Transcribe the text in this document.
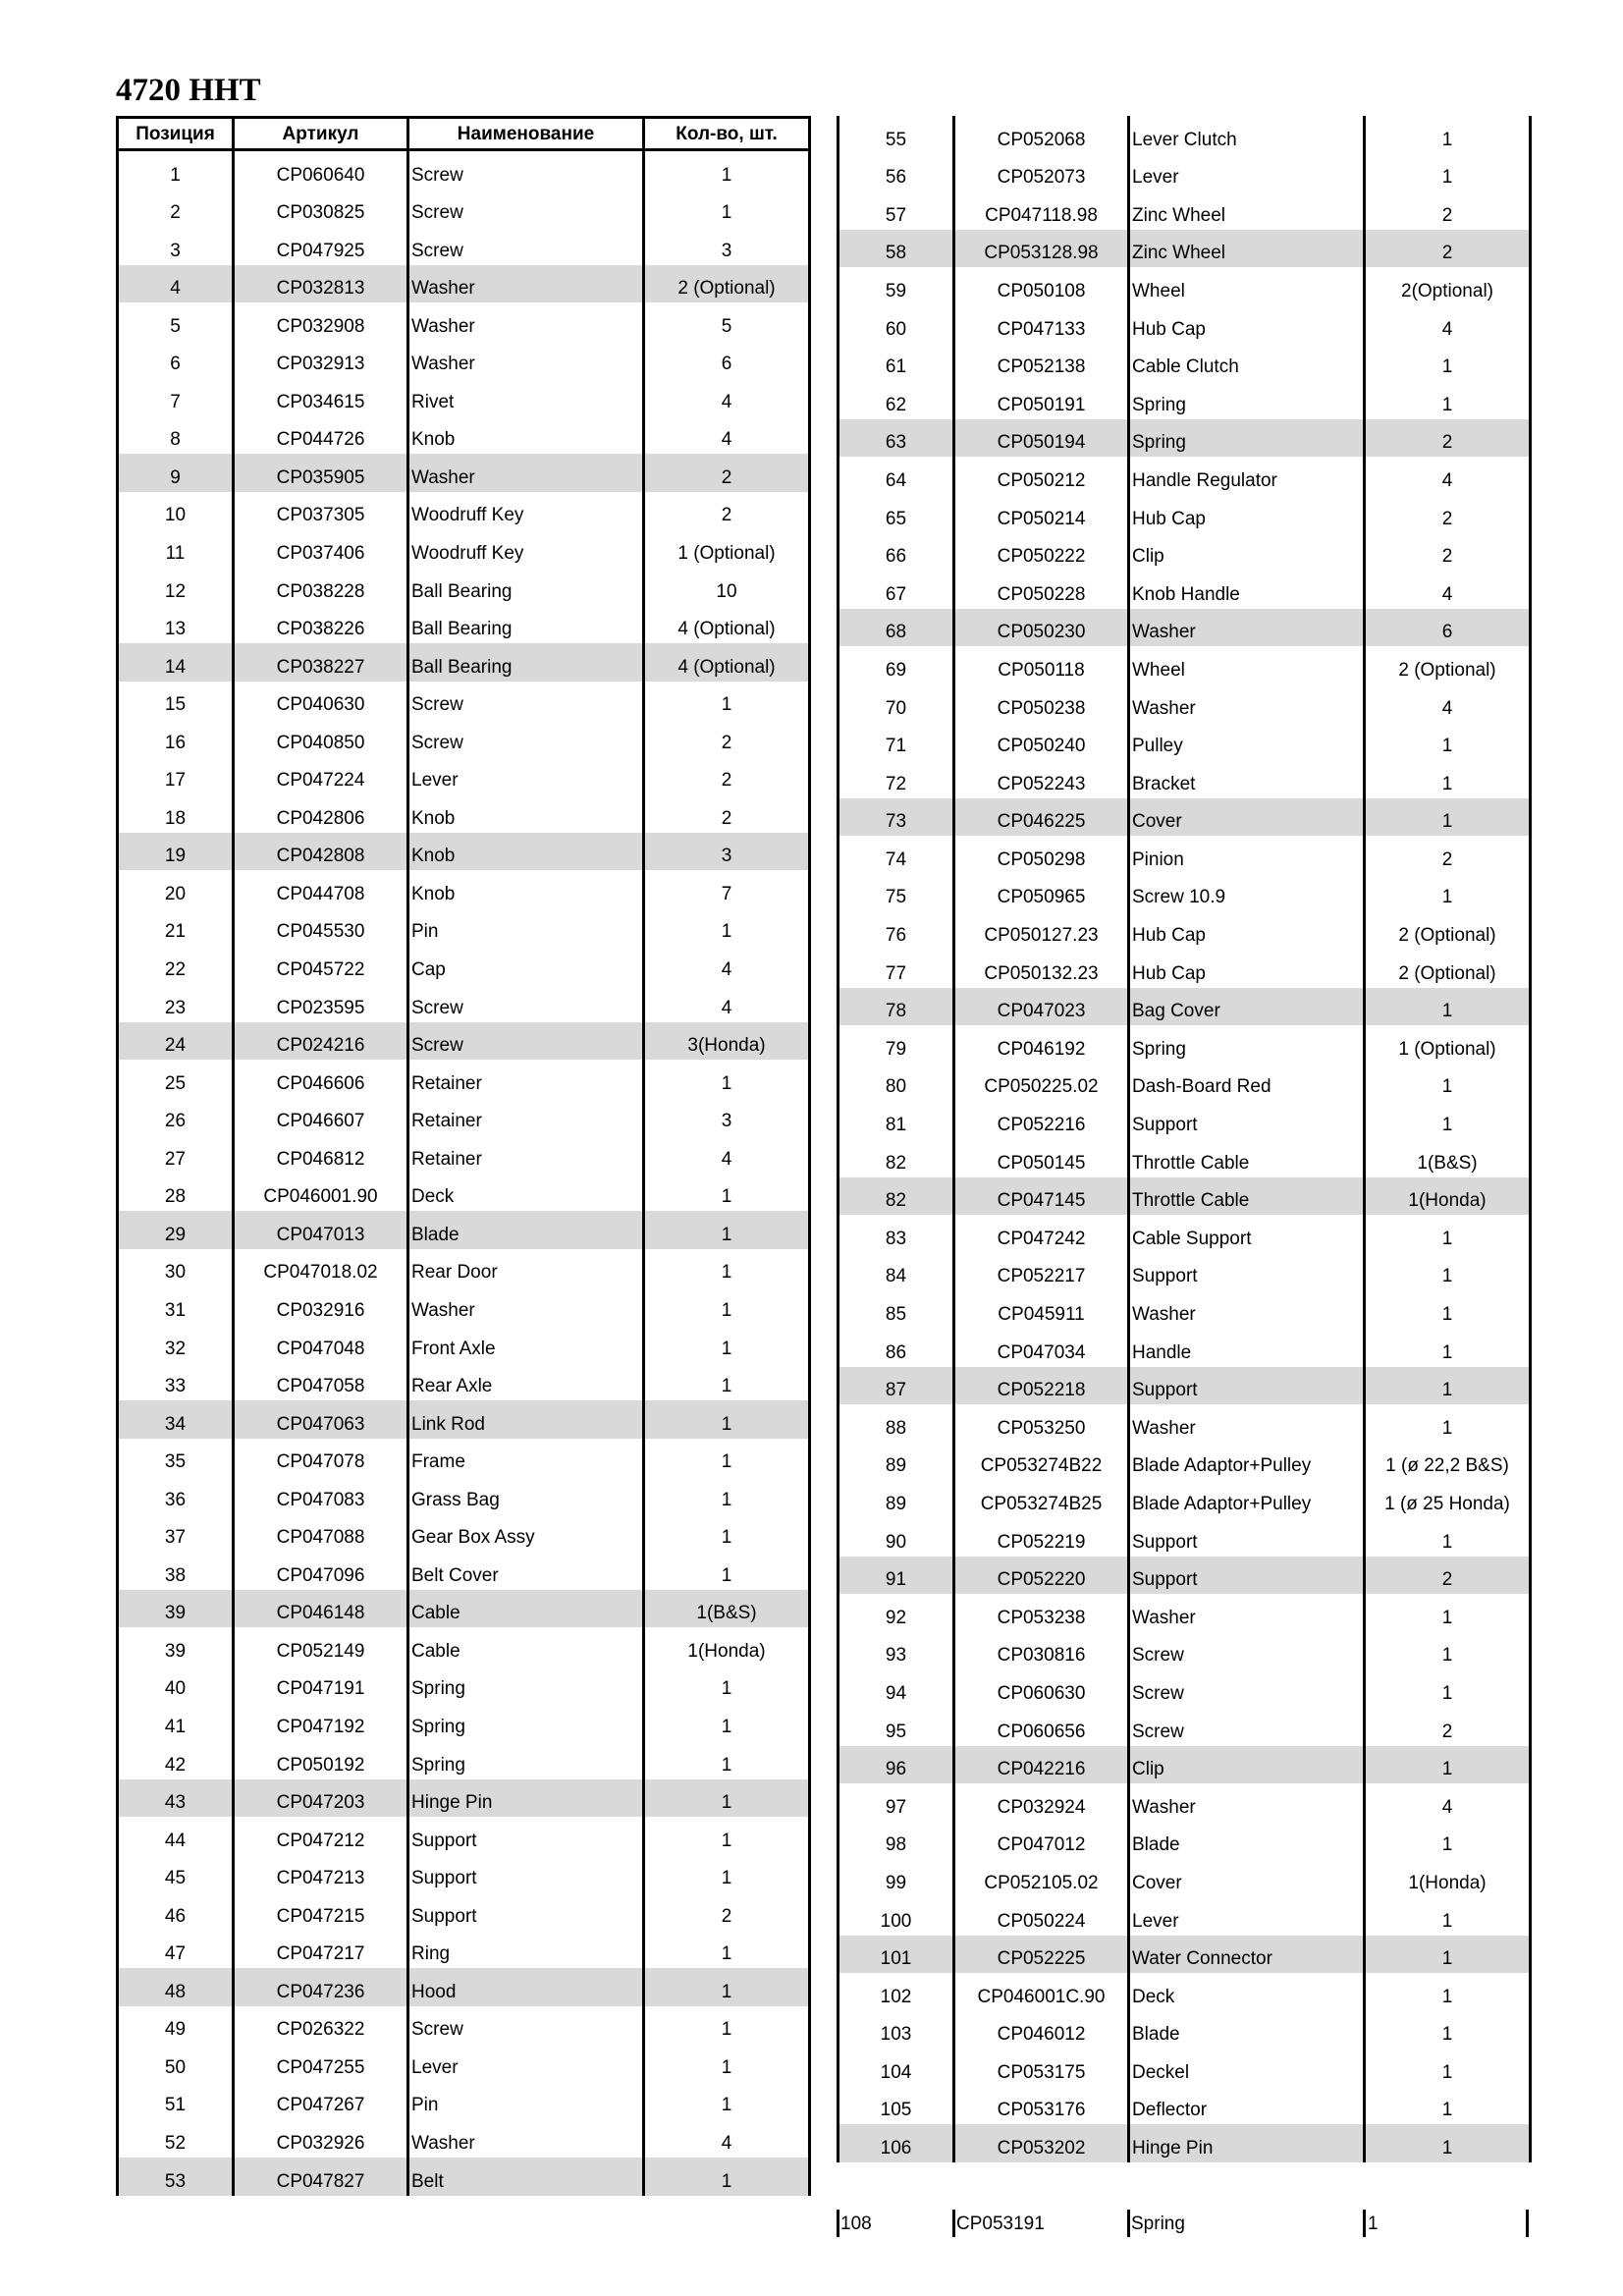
4720 HHT
Позиция	Артикул	Наименование	Кол-во, шт.
1	CP060640	Screw	1
2	CP030825	Screw	1
3	CP047925	Screw	3
4	CP032813	Washer	2 (Optional)
5	CP032908	Washer	5
6	CP032913	Washer	6
7	CP034615	Rivet	4
8	CP044726	Knob	4
9	CP035905	Washer	2
10	CP037305	Woodruff Key	2
11	CP037406	Woodruff Key	1 (Optional)
12	CP038228	Ball Bearing	10
13	CP038226	Ball Bearing	4 (Optional)
14	CP038227	Ball Bearing	4 (Optional)
15	CP040630	Screw	1
16	CP040850	Screw	2
17	CP047224	Lever	2
18	CP042806	Knob	2
19	CP042808	Knob	3
20	CP044708	Knob	7
21	CP045530	Pin	1
22	CP045722	Cap	4
23	CP023595	Screw	4
24	CP024216	Screw	3(Honda)
25	CP046606	Retainer	1
26	CP046607	Retainer	3
27	CP046812	Retainer	4
28	CP046001.90	Deck	1
29	CP047013	Blade	1
30	CP047018.02	Rear Door	1
31	CP032916	Washer	1
32	CP047048	Front Axle	1
33	CP047058	Rear Axle	1
34	CP047063	Link Rod	1
35	CP047078	Frame	1
36	CP047083	Grass Bag	1
37	CP047088	Gear Box Assy	1
38	CP047096	Belt Cover	1
39	CP046148	Cable	1(B&S)
39	CP052149	Cable	1(Honda)
40	CP047191	Spring	1
41	CP047192	Spring	1
42	CP050192	Spring	1
43	CP047203	Hinge Pin	1
44	CP047212	Support	1
45	CP047213	Support	1
46	CP047215	Support	2
47	CP047217	Ring	1
48	CP047236	Hood	1
49	CP026322	Screw	1
50	CP047255	Lever	1
51	CP047267	Pin	1
52	CP032926	Washer	4
53	CP047827	Belt	1
55	CP052068	Lever Clutch	1
56	CP052073	Lever	1
57	CP047118.98	Zinc Wheel	2
58	CP053128.98	Zinc Wheel	2
59	CP050108	Wheel	2(Optional)
60	CP047133	Hub Cap	4
61	CP052138	Cable Clutch	1
62	CP050191	Spring	1
63	CP050194	Spring	2
64	CP050212	Handle Regulator	4
65	CP050214	Hub Cap	2
66	CP050222	Clip	2
67	CP050228	Knob Handle	4
68	CP050230	Washer	6
69	CP050118	Wheel	2 (Optional)
70	CP050238	Washer	4
71	CP050240	Pulley	1
72	CP052243	Bracket	1
73	CP046225	Cover	1
74	CP050298	Pinion	2
75	CP050965	Screw 10.9	1
76	CP050127.23	Hub Cap	2 (Optional)
77	CP050132.23	Hub Cap	2 (Optional)
78	CP047023	Bag Cover	1
79	CP046192	Spring	1 (Optional)
80	CP050225.02	Dash-Board Red	1
81	CP052216	Support	1
82	CP050145	Throttle Cable	1(B&S)
82	CP047145	Throttle Cable	1(Honda)
83	CP047242	Cable Support	1
84	CP052217	Support	1
85	CP045911	Washer	1
86	CP047034	Handle	1
87	CP052218	Support	1
88	CP053250	Washer	1
89	CP053274B22	Blade Adaptor+Pulley	1 (ø 22,2 B&S)
89	CP053274B25	Blade Adaptor+Pulley	1 (ø 25 Honda)
90	CP052219	Support	1
91	CP052220	Support	2
92	CP053238	Washer	1
93	CP030816	Screw	1
94	CP060630	Screw	1
95	CP060656	Screw	2
96	CP042216	Clip	1
97	CP032924	Washer	4
98	CP047012	Blade	1
99	CP052105.02	Cover	1(Honda)
100	CP050224	Lever	1
101	CP052225	Water Connector	1
102	CP046001C.90	Deck	1
103	CP046012	Blade	1
104	CP053175	Deckel	1
105	CP053176	Deflector	1
106	CP053202	Hinge Pin	1
108	CP053191	Spring	1
